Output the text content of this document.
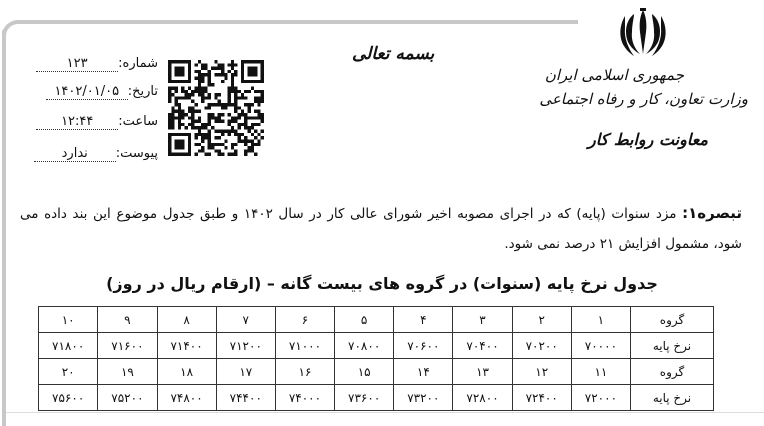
جمهوری اسلامی ایران
وزارت تعاون، کار و رفاه اجتماعی
معاونت روابط کار
بسمه تعالی
شماره:۱۲۳
تاریخ:۱۴۰۲/۰۱/۰۵
ساعت:۱۲:۴۴
پیوست:ندارد
تبصره۱: مزد سنوات (پایه) که در اجرای مصوبه اخیر شورای عالی کار در سال ۱۴۰۲ و طبق جدول موضوع این بند داده می شود، مشمول افزایش ۲۱ درصد نمی شود.
جدول نرخ پایه (سنوات) در گروه های بیست گانه – (ارقام ریال در روز)
گروه	۱	۲	۳	۴	۵	۶	۷	۸	۹	۱۰
نرخ پایه	۷۰۰۰۰	۷۰۲۰۰	۷۰۴۰۰	۷۰۶۰۰	۷۰۸۰۰	۷۱۰۰۰	۷۱۲۰۰	۷۱۴۰۰	۷۱۶۰۰	۷۱۸۰۰
گروه	۱۱	۱۲	۱۳	۱۴	۱۵	۱۶	۱۷	۱۸	۱۹	۲۰
نرخ پایه	۷۲۰۰۰	۷۲۴۰۰	۷۲۸۰۰	۷۳۲۰۰	۷۳۶۰۰	۷۴۰۰۰	۷۴۴۰۰	۷۴۸۰۰	۷۵۲۰۰	۷۵۶۰۰
